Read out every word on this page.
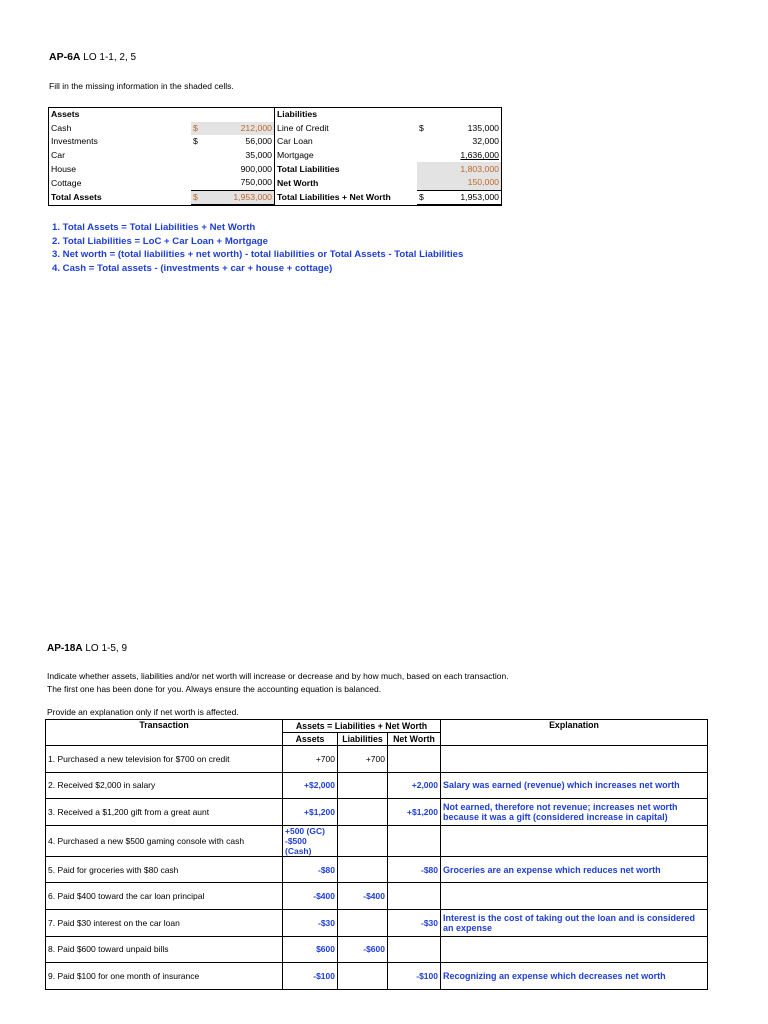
AP-6A LO 1-1, 2, 5
Fill in the missing information in the shaded cells.
Assets			Liabilities		
Cash	$	212,000	Line of Credit	$	135,000
Investments	$	56,000	Car Loan		32,000
Car		35,000	Mortgage		1,636,000
House		900,000	Total Liabilities		1,803,000
Cottage		750,000	Net Worth		150,000
Total Assets	$	1,953,000	Total Liabilities + Net Worth	$	1,953,000
1. Total Assets = Total Liabilities + Net Worth
2. Total Liabilities = LoC + Car Loan + Mortgage
3. Net worth = (total liabilities + net worth) - total liabilities or Total Assets - Total Liabilities
4. Cash = Total assets - (investments + car + house + cottage)
AP-18A LO 1-5, 9
Indicate whether assets, liabilities and/or net worth will increase or decrease and by how much, based on each transaction.
The first one has been done for you. Always ensure the accounting equation is balanced.
Provide an explanation only if net worth is affected.
Transaction	Assets = Liabilities + Net Worth			Explanation
	Assets	Liabilities	Net Worth	
1. Purchased a new television for $700 on credit	+700	+700		
2. Received $2,000 in salary	+$2,000		+2,000	Salary was earned (revenue) which increases net worth
3. Received a $1,200 gift from a great aunt	+$1,200		+$1,200	Not earned, therefore not revenue; increases net worth because it was a gift (considered increase in capital)
4. Purchased a new $500 gaming console with cash	+500 (GC)
-$500 (Cash)			
5. Paid for groceries with $80 cash	-$80		-$80	Groceries are an expense which reduces net worth
6. Paid $400 toward the car loan principal	-$400	-$400		
7. Paid $30 interest on the car loan	-$30		-$30	Interest is the cost of taking out the loan and is considered an expense
8. Paid $600 toward unpaid bills	$600	-$600		
9. Paid $100 for one month of insurance	-$100		-$100	Recognizing an expense which decreases net worth
